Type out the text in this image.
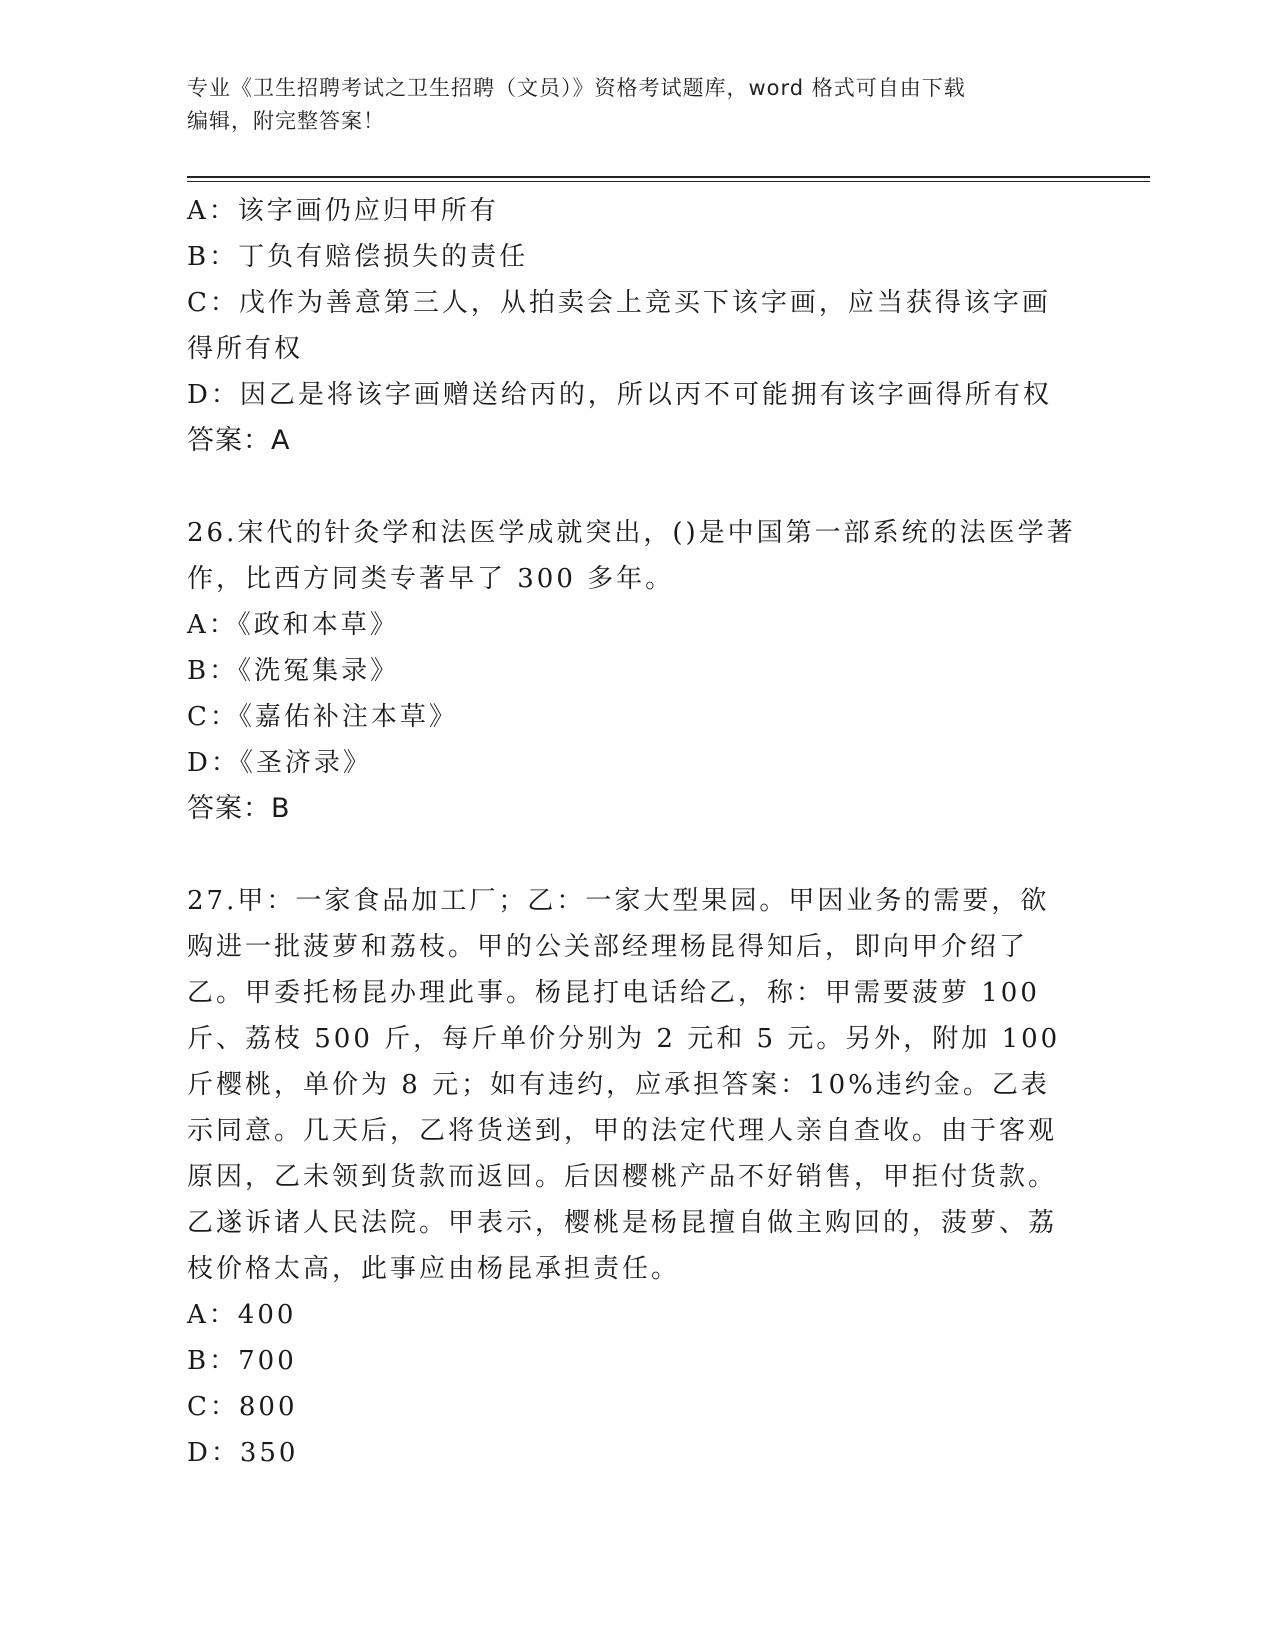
专业《卫生招聘考试之卫生招聘（文员）》资格考试题库，word 格式可自由下载
编辑，附完整答案！
A：该字画仍应归甲所有
B：丁负有赔偿损失的责任
C：戊作为善意第三人，从拍卖会上竞买下该字画，应当获得该字画得所有权
D：因乙是将该字画赠送给丙的，所以丙不可能拥有该字画得所有权
答案：A
26.宋代的针灸学和法医学成就突出，()是中国第一部系统的法医学著作，比西方同类专著早了 300 多年。
A：《政和本草》
B：《洗冤集录》
C：《嘉佑补注本草》
D：《圣济录》
答案：B
27.甲：一家食品加工厂；乙：一家大型果园。甲因业务的需要，欲购进一批菠萝和荔枝。甲的公关部经理杨昆得知后，即向甲介绍了乙。甲委托杨昆办理此事。杨昆打电话给乙，称：甲需要菠萝 100 斤、荔枝 500 斤，每斤单价分别为 2 元和 5 元。另外，附加 100 斤樱桃，单价为 8 元；如有违约，应承担答案：10%违约金。乙表示同意。几天后，乙将货送到，甲的法定代理人亲自查收。由于客观原因，乙未领到货款而返回。后因樱桃产品不好销售，甲拒付货款。乙遂诉诸人民法院。甲表示，樱桃是杨昆擅自做主购回的，菠萝、荔枝价格太高，此事应由杨昆承担责任。
A：400
B：700
C：800
D：350
